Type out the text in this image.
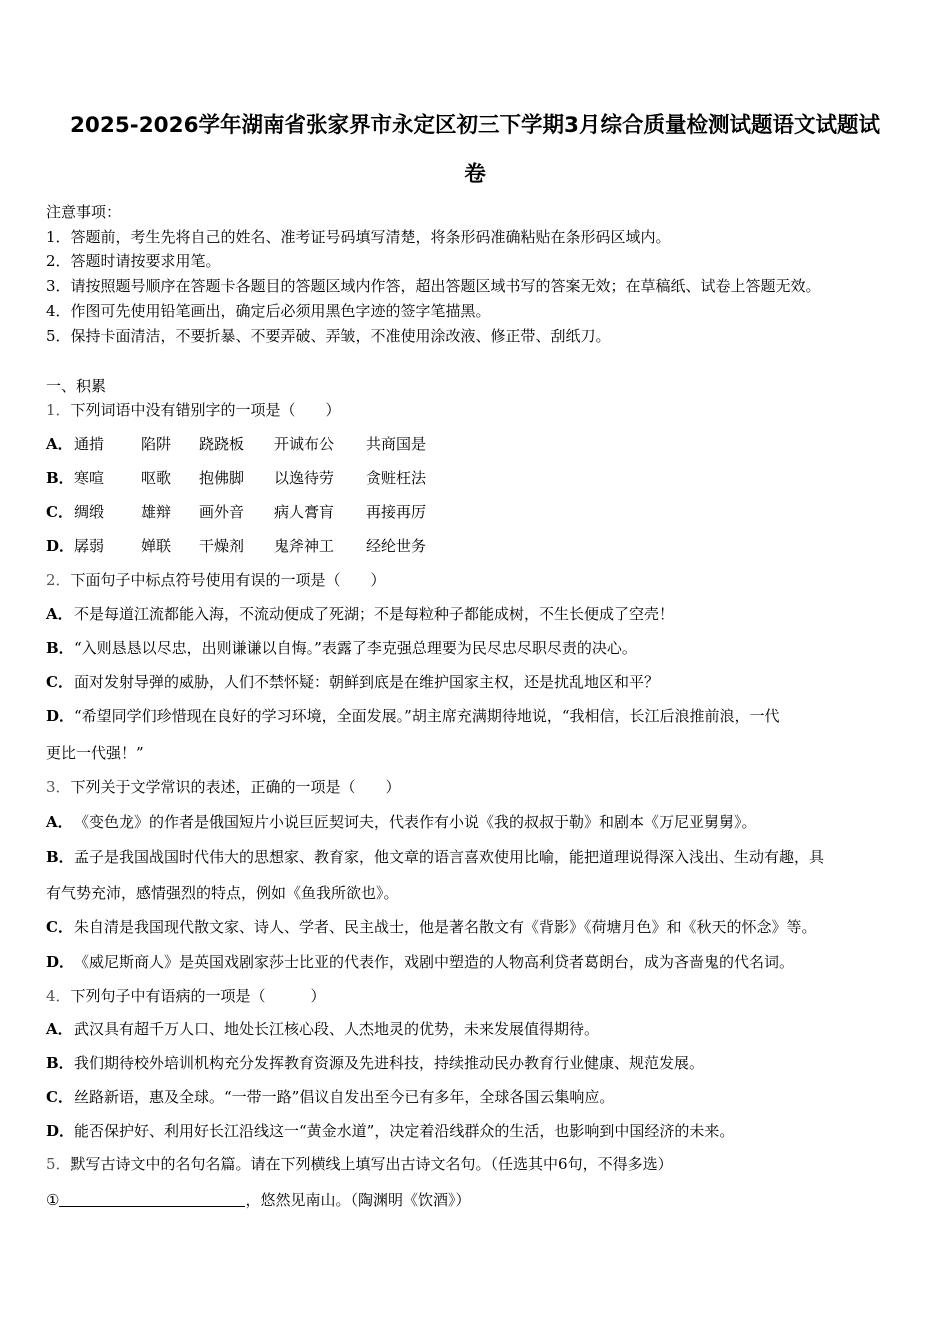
2025-2026学年湖南省张家界市永定区初三下学期3月综合质量检测试题语文试题试
卷
注意事项：
1．答题前，考生先将自己的姓名、准考证号码填写清楚，将条形码准确粘贴在条形码区域内。
2．答题时请按要求用笔。
3．请按照题号顺序在答题卡各题目的答题区域内作答，超出答题区域书写的答案无效；在草稿纸、试卷上答题无效。
4．作图可先使用铅笔画出，确定后必须用黑色字迹的签字笔描黑。
5．保持卡面清洁，不要折暴、不要弄破、弄皱，不准使用涂改液、修正带、刮纸刀。
一、积累
1．下列词语中没有错别字的一项是（　　）
A．通掯 陷阱 跷跷板 开诚布公 共商国是
B．寒喧 呕歌 抱佛脚 以逸待劳 贪赃枉法
C．绸缎 雄辩 画外音 病人膏肓 再接再厉
D．孱弱 婵联 干燥剂 鬼斧神工 经纶世务
2．下面句子中标点符号使用有误的一项是（　　）
A．不是每道江流都能入海，不流动便成了死湖；不是每粒种子都能成树，不生长便成了空壳！
B．“入则恳恳以尽忠，出则谦谦以自悔。”表露了李克强总理要为民尽忠尽职尽责的决心。
C．面对发射导弹的威胁，人们不禁怀疑：朝鲜到底是在维护国家主权，还是扰乱地区和平？
D．“希望同学们珍惜现在良好的学习环境，全面发展。”胡主席充满期待地说，“我相信，长江后浪推前浪，一代
更比一代强！”
3．下列关于文学常识的表述，正确的一项是（　　）
A．《变色龙》的作者是俄国短片小说巨匠契诃夫，代表作有小说《我的叔叔于勒》和剧本《万尼亚舅舅》。
B．孟子是我国战国时代伟大的思想家、教育家，他文章的语言喜欢使用比喻，能把道理说得深入浅出、生动有趣，具
有气势充沛，感情强烈的特点，例如《鱼我所欲也》。
C．朱自清是我国现代散文家、诗人、学者、民主战士，他是著名散文有《背影》《荷塘月色》和《秋天的怀念》等。
D．《威尼斯商人》是英国戏剧家莎士比亚的代表作，戏剧中塑造的人物高利贷者葛朗台，成为吝啬鬼的代名词。
4．下列句子中有语病的一项是（　　　）
A．武汉具有超千万人口、地处长江核心段、人杰地灵的优势，未来发展值得期待。
B．我们期待校外培训机构充分发挥教育资源及先进科技，持续推动民办教育行业健康、规范发展。
C．丝路新语，惠及全球。“一带一路”倡议自发出至今已有多年，全球各国云集响应。
D．能否保护好、利用好长江沿线这一“黄金水道”，决定着沿线群众的生活，也影响到中国经济的未来。
5．默写古诗文中的名句名篇。请在下列横线上填写出古诗文名句。（任选其中6句，不得多选）
①	，悠然见南山。（陶渊明《饮酒》）
